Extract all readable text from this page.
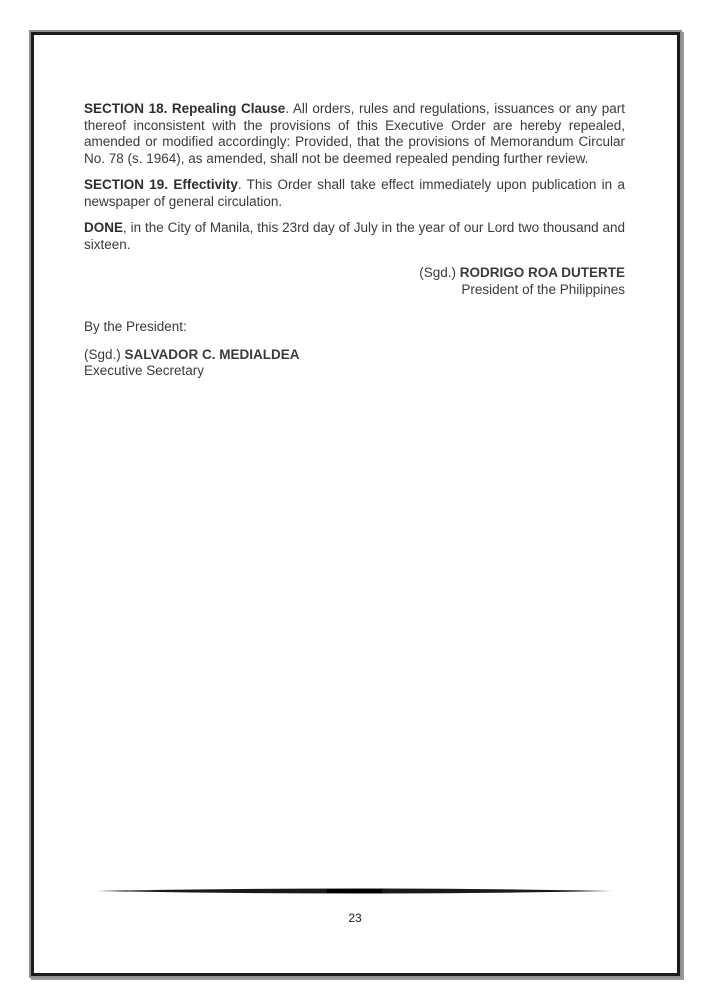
SECTION 18. Repealing Clause. All orders, rules and regulations, issuances or any part thereof inconsistent with the provisions of this Executive Order are hereby repealed, amended or modified accordingly: Provided, that the provisions of Memorandum Circular No. 78 (s. 1964), as amended, shall not be deemed repealed pending further review.

SECTION 19. Effectivity. This Order shall take effect immediately upon publication in a newspaper of general circulation.

DONE, in the City of Manila, this 23rd day of July in the year of our Lord two thousand and sixteen.

(Sgd.) RODRIGO ROA DUTERTE
President of the Philippines
By the President:
(Sgd.) SALVADOR C. MEDIALDEA
Executive Secretary
23
